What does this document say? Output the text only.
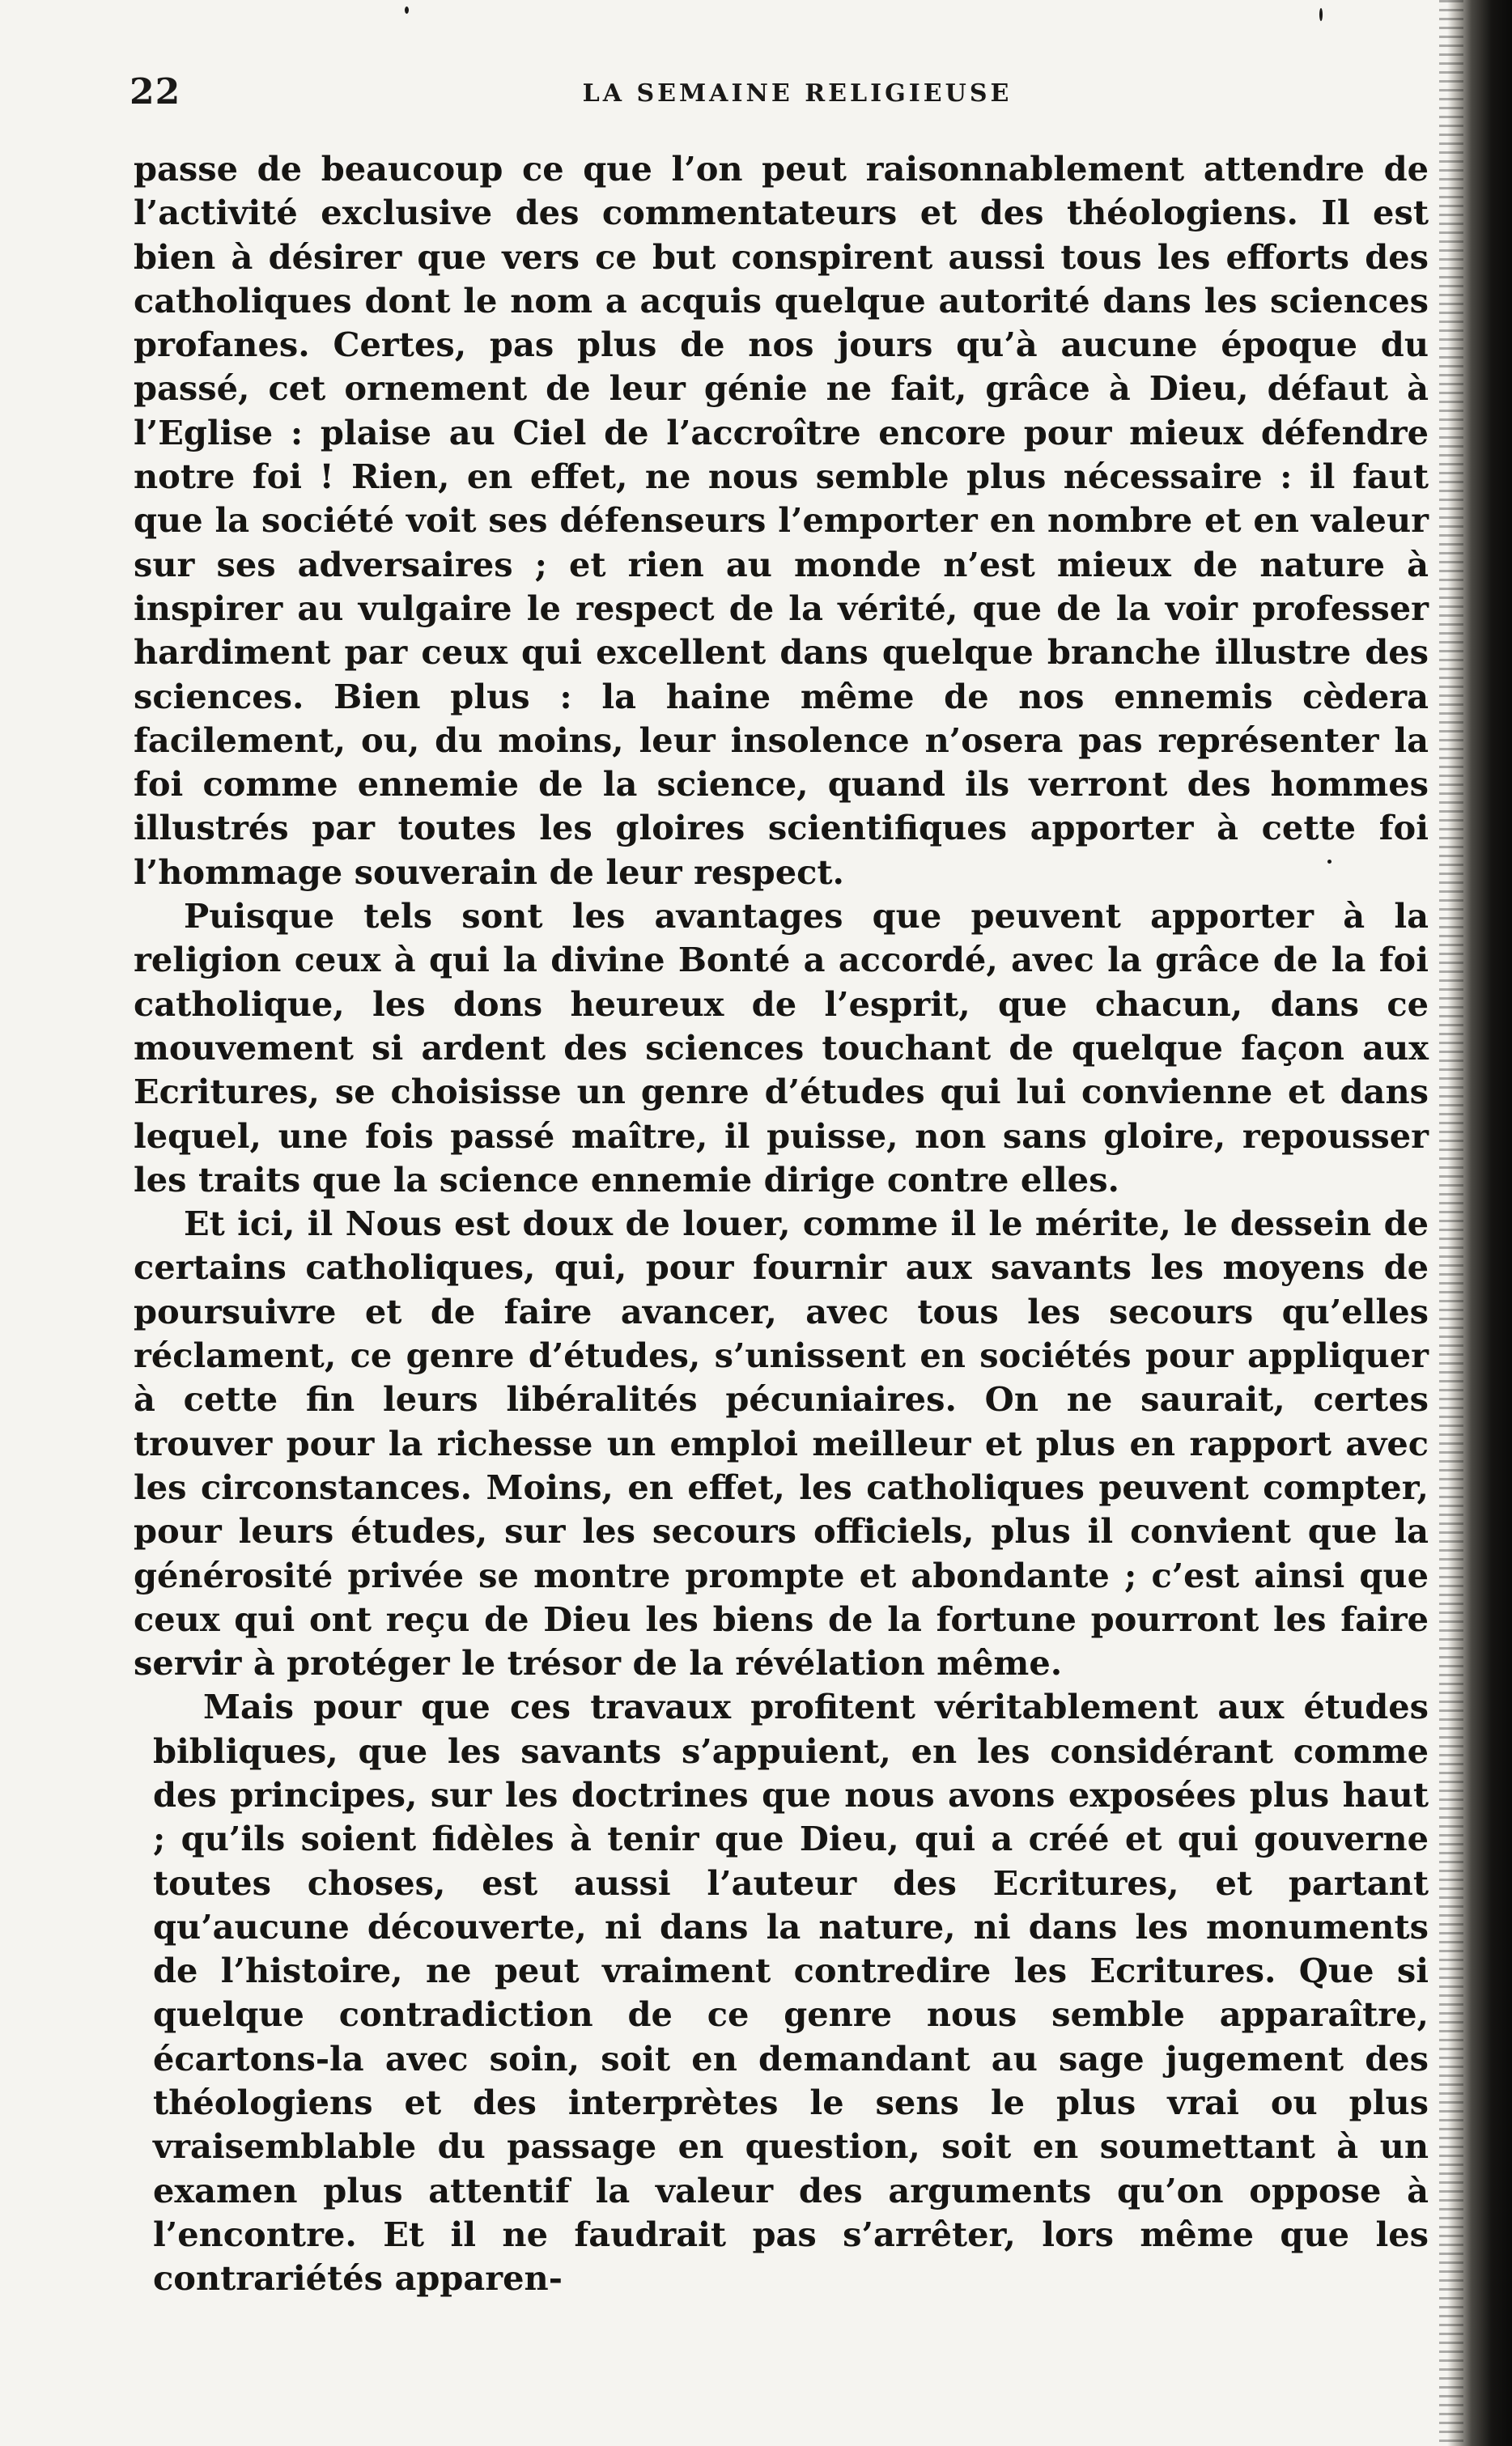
22	LA SEMAINE RELIGIEUSE

passe de beaucoup ce que l’on peut raisonnablement attendre de l’activité exclusive des commentateurs et des théologiens. Il est bien à désirer que vers ce but conspirent aussi tous les efforts des catholiques dont le nom a acquis quelque autorité dans les sciences profanes. Certes, pas plus de nos jours qu’à aucune époque du passé, cet ornement de leur génie ne fait, grâce à Dieu, défaut à l’Eglise : plaise au Ciel de l’accroître encore pour mieux défendre notre foi ! Rien, en effet, ne nous semble plus nécessaire : il faut que la société voit ses défenseurs l’emporter en nombre et en valeur sur ses adversaires ; et rien au monde n’est mieux de nature à inspirer au vulgaire le respect de la vérité, que de la voir professer hardiment par ceux qui excellent dans quelque branche illustre des sciences. Bien plus : la haine même de nos ennemis cèdera facilement, ou, du moins, leur insolence n’osera pas représenter la foi comme ennemie de la science, quand ils verront des hommes illustrés par toutes les gloires scientifiques apporter à cette foi l’hommage souverain de leur respect.

Puisque tels sont les avantages que peuvent apporter à la religion ceux à qui la divine Bonté a accordé, avec la grâce de la foi catholique, les dons heureux de l’esprit, que chacun, dans ce mouvement si ardent des sciences touchant de quelque façon aux Ecritures, se choisisse un genre d’études qui lui convienne et dans lequel, une fois passé maître, il puisse, non sans gloire, repousser les traits que la science ennemie dirige contre elles.

Et ici, il Nous est doux de louer, comme il le mérite, le dessein de certains catholiques, qui, pour fournir aux savants les moyens de poursuivre et de faire avancer, avec tous les secours qu’elles réclament, ce genre d’études, s’unissent en sociétés pour appliquer à cette fin leurs libéralités pécuniaires. On ne saurait, certes trouver pour la richesse un emploi meilleur et plus en rapport avec les circonstances. Moins, en effet, les catholiques peuvent compter, pour leurs études, sur les secours officiels, plus il convient que la générosité privée se montre prompte et abondante ; c’est ainsi que ceux qui ont reçu de Dieu les biens de la fortune pourront les faire servir à protéger le trésor de la révélation même.

Mais pour que ces travaux profitent véritablement aux études bibliques, que les savants s’appuient, en les considérant comme des principes, sur les doctrines que nous avons exposées plus haut ; qu’ils soient fidèles à tenir que Dieu, qui a créé et qui gouverne toutes choses, est aussi l’auteur des Ecritures, et partant qu’aucune découverte, ni dans la nature, ni dans les monuments de l’histoire, ne peut vraiment contredire les Ecritures. Que si quelque contradiction de ce genre nous semble apparaître, écartons-la avec soin, soit en demandant au sage jugement des théologiens et des interprètes le sens le plus vrai ou plus vraisemblable du passage en question, soit en soumettant à un examen plus attentif la valeur des arguments qu’on oppose à l’encontre. Et il ne faudrait pas s’arrêter, lors même que les contrariétés apparen-
